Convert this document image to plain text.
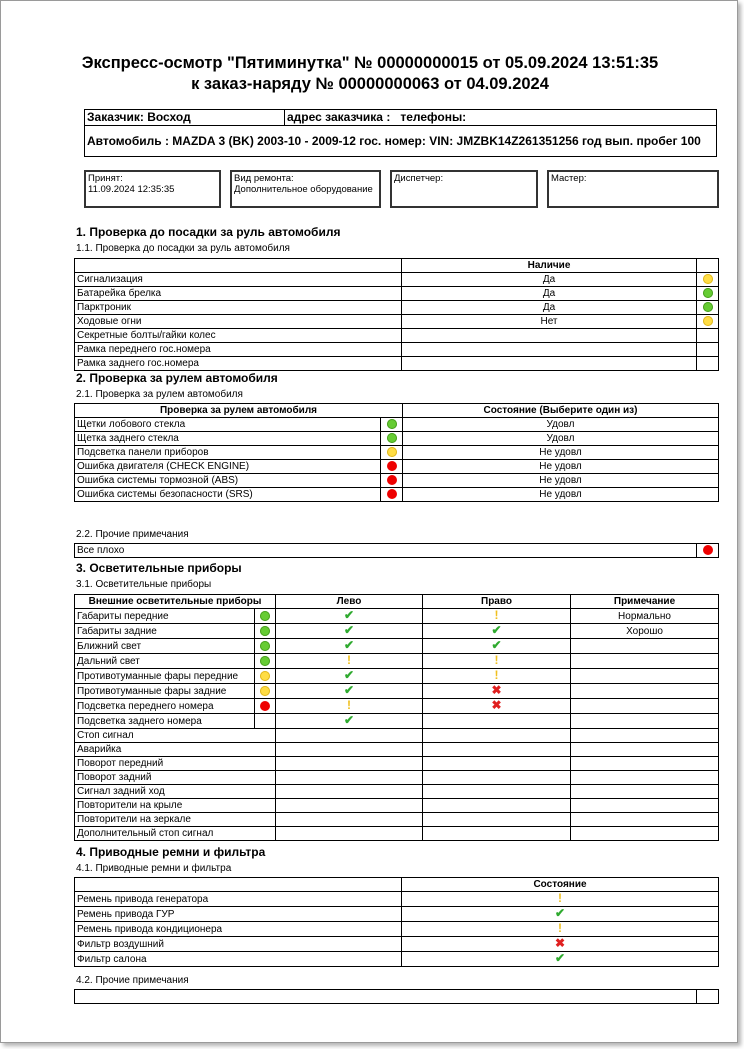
Экспресс-осмотр "Пятиминутка" № 00000000015 от 05.09.2024 13:51:35
к заказ-наряду № 00000000063 от 04.09.2024
Заказчик: Восход	адрес заказчика : телефоны:
Автомобиль : MAZDA 3 (BK) 2003-10 - 2009-12 гос. номер: VIN: JMZBK14Z261351256 год вып. пробег 100
Принят:
11.09.2024 12:35:35
Вид ремонта:
Дополнительное оборудование
Диспетчер:	Мастер:
1. Проверка до посадки за руль автомобиля
1.1. Проверка до посадки за руль автомобиля
	Наличие	
Сигнализация	Да	
Батарейка брелка	Да	
Парктроник	Да	
Ходовые огни	Нет	
Секретные болты/гайки колес		
Рамка переднего гос.номера		
Рамка заднего гос.номера		
2. Проверка за рулем автомобиля
2.1. Проверка за рулем автомобиля
Проверка за рулем автомобиля		Состояние (Выберите один из)
Щетки лобового стекла		Удовл
Щетка заднего стекла		Удовл
Подсветка панели приборов		Не удовл
Ошибка двигателя (CHECK ENGINE)		Не удовл
Ошибка системы тормозной (ABS)		Не удовл
Ошибка системы безопасности (SRS)		Не удовл
2.2. Прочие примечания
Все плохо	
3. Осветительные приборы
3.1. Осветительные приборы
Внешние осветительные приборы		Лево	Право	Примечание
Габариты передние		✔	!	Нормально
Габариты задние		✔	✔	Хорошо
Ближний свет		✔	✔	
Дальний свет		!	!	
Противотуманные фары передние		✔	!	
Противотуманные фары задние		✔	✖	
Подсветка переднего номера		!	✖	
Подсветка заднего номера		✔		
Стоп сигнал				
Аварийка				
Поворот передний				
Поворот задний				
Сигнал задний ход				
Повторители на крыле				
Повторители на зеркале				
Дополнительный стоп сигнал				
4. Приводные ремни и фильтра
4.1. Приводные ремни и фильтра
	Состояние
Ремень привода генератора	!
Ремень привода ГУР	✔
Ремень привода кондиционера	!
Фильтр воздушний	✖
Фильтр салона	✔
4.2. Прочие примечания
